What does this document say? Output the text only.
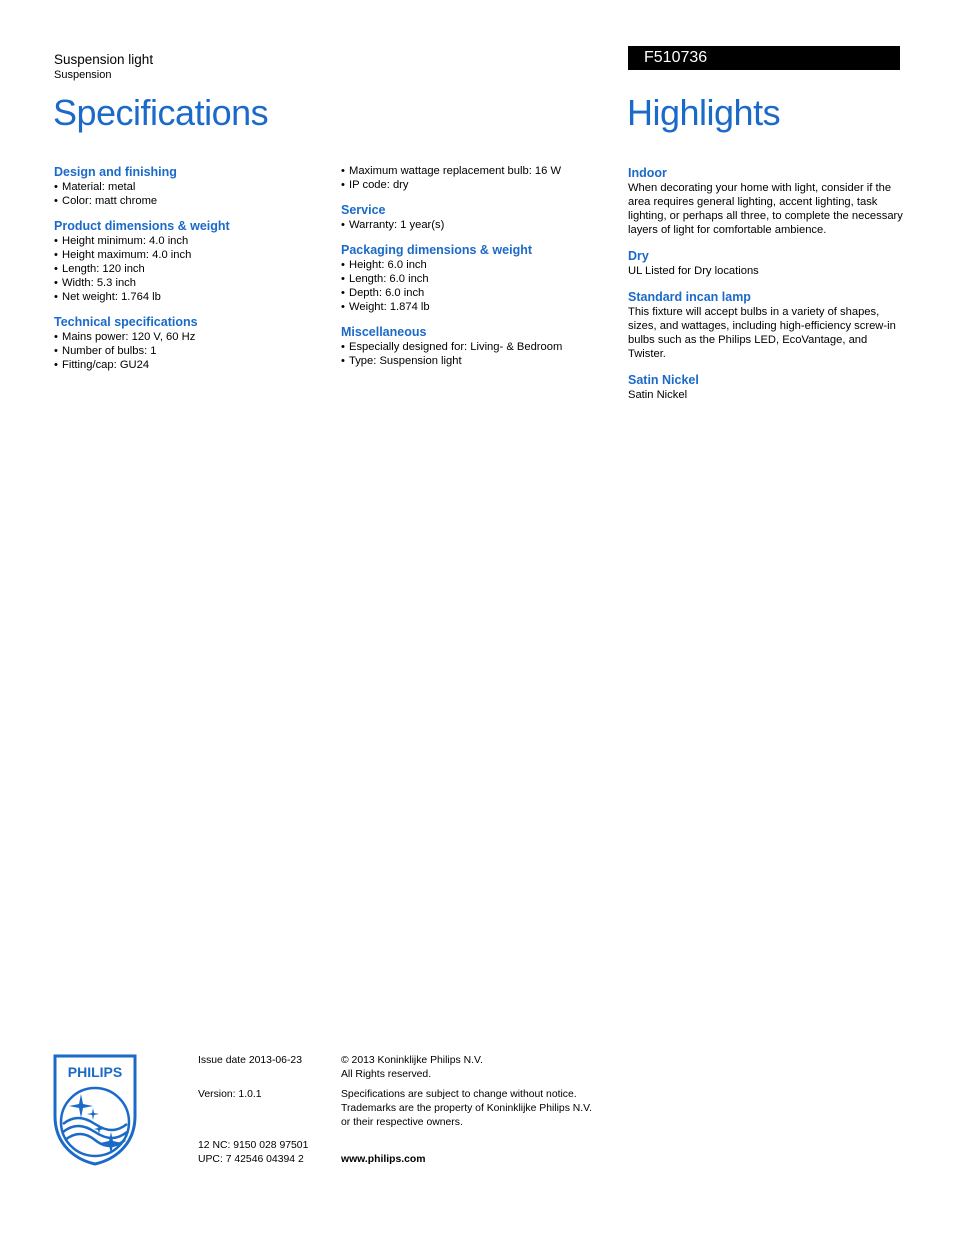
Suspension light
Suspension
F510736
Specifications	Highlights
Design and finishing
• Material: metal
• Color: matt chrome
Product dimensions & weight
• Height minimum: 4.0 inch
• Height maximum: 4.0 inch
• Length: 120 inch
• Width: 5.3 inch
• Net weight: 1.764 lb
Technical specifications
• Mains power: 120 V, 60 Hz
• Number of bulbs: 1
• Fitting/cap: GU24
• Maximum wattage replacement bulb: 16 W
• IP code: dry
Service
• Warranty: 1 year(s)
Packaging dimensions & weight
• Height: 6.0 inch
• Length: 6.0 inch
• Depth: 6.0 inch
• Weight: 1.874 lb
Miscellaneous
• Especially designed for: Living- & Bedroom
• Type: Suspension light
Indoor
When decorating your home with light, consider if the area requires general lighting, accent lighting, task lighting, or perhaps all three, to complete the necessary layers of light for comfortable ambience.
Dry
UL Listed for Dry locations
Standard incan lamp
This fixture will accept bulbs in a variety of shapes, sizes, and wattages, including high-efficiency screw-in bulbs such as the Philips LED, EcoVantage, and Twister.
Satin Nickel
Satin Nickel
PHILIPS
Issue date 2013-06-23
Version: 1.0.1
12 NC: 9150 028 97501
UPC: 7 42546 04394 2
© 2013 Koninklijke Philips N.V.
All Rights reserved.
Specifications are subject to change without notice.
Trademarks are the property of Koninklijke Philips N.V.
or their respective owners.
www.philips.com
